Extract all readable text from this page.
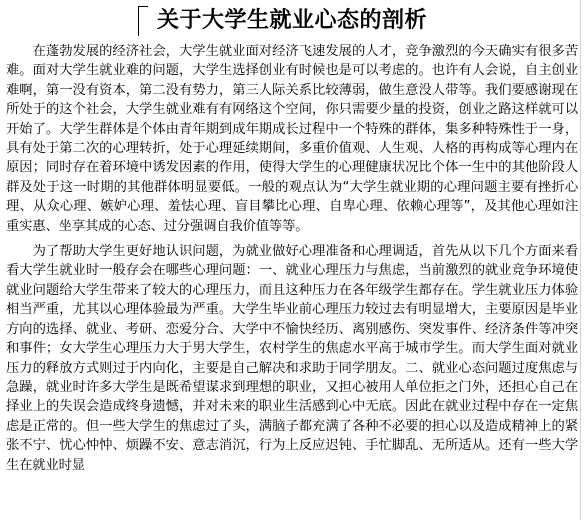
关于大学生就业心态的剖析

在蓬勃发展的经济社会，大学生就业面对经济飞速发展的人才，竞争激烈的今天确实有很多苦难。面对大学生就业难的问题，大学生选择创业有时候也是可以考虑的。也许有人会说，自主创业难啊，第一没有资本，第二没有势力，第三人际关系比较薄弱，做生意没人带等。我们要感谢现在所处于的这个社会，大学生就业难有有网络这个空间，你只需要少量的投资，创业之路这样就可以开始了。大学生群体是个体由青年期到成年期成长过程中一个特殊的群体，集多种特殊性于一身，具有处于第二次的心理转折，处于心理延续期间，多重价值观、人生观、人格的再构成等心理内在原因；同时存在着环境中诱发因素的作用，使得大学生的心理健康状况比个体一生中的其他阶段人群及处于这一时期的其他群体明显要低。一般的观点认为“大学生就业期的心理问题主要有挫折心理、从众心理、嫉妒心理、羞怯心理、盲目攀比心理、自卑心理、依赖心理等”，及其他心理如注重实惠、坐享其成的心态、过分强调自我价值等等。

为了帮助大学生更好地认识问题，为就业做好心理准备和心理调适，首先从以下几个方面来看看大学生就业时一般存会在哪些心理问题：一、就业心理压力与焦虑，当前激烈的就业竞争环境使就业问题给大学生带来了较大的心理压力，而且这种压力在各年级学生都存在。学生就业压力体验相当严重，尤其以心理体验最为严重。大学生毕业前心理压力较过去有明显增大，主要原因是毕业方向的选择、就业、考研、恋爱分合、大学中不愉快经历、离别感伤、突发事件、经济条件等冲突和事件；女大学生心理压力大于男大学生，农村学生的焦虑水平高于城市学生。而大学生面对就业压力的释放方式则过于内向化，主要是自己解决和求助于同学朋友。二、就业心态问题过度焦虑与急躁，就业时许多大学生是既希望谋求到理想的职业，又担心被用人单位拒之门外，还担心自己在择业上的失误会造成终身遗憾，并对未来的职业生活感到心中无底。因此在就业过程中存在一定焦虑是正常的。但一些大学生的焦虑过了头，满脑子都充满了各种不必要的担心以及造成精神上的紧张不宁、忧心忡忡、烦躁不安、意志消沉，行为上反应迟钝、手忙脚乱、无所适从。还有一些大学生在就业时显
